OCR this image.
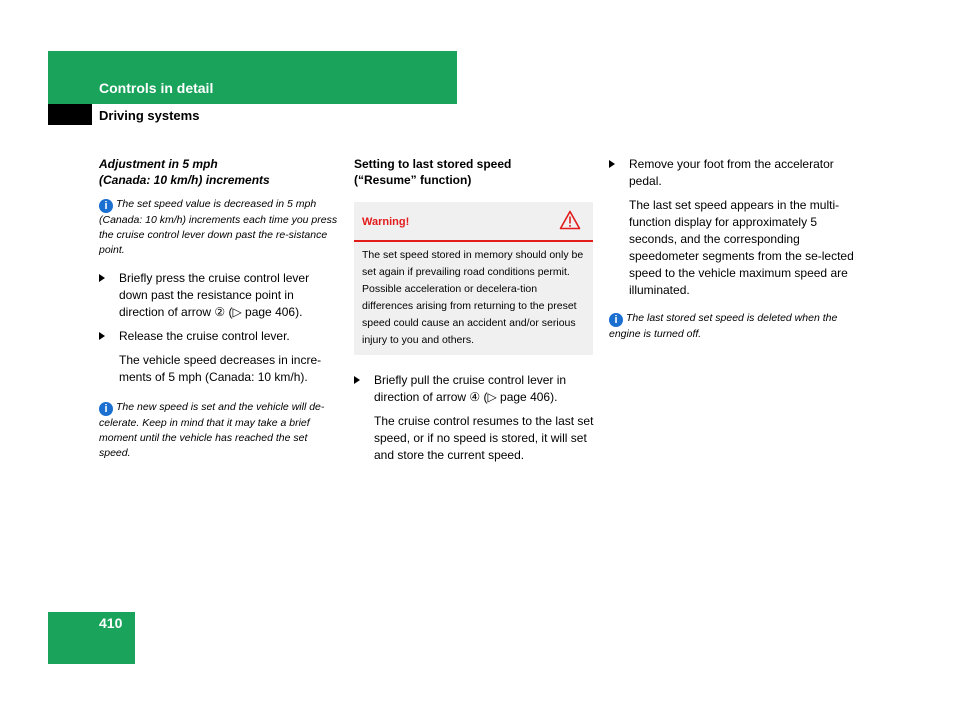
Controls in detail
Driving systems
Adjustment in 5 mph
(Canada: 10 km/h) increments
i The set speed value is decreased in 5 mph (Canada: 10 km/h) increments each time you press the cruise control lever down past the re-sistance point.
Briefly press the cruise control lever down past the resistance point in direction of arrow ② (▷ page 406).
Release the cruise control lever.
The vehicle speed decreases in incre-ments of 5 mph (Canada: 10 km/h).
i The new speed is set and the vehicle will de-celerate. Keep in mind that it may take a brief moment until the vehicle has reached the set speed.
Setting to last stored speed
(“Resume” function)
Warning!
The set speed stored in memory should only be set again if prevailing road conditions permit. Possible acceleration or decelera-tion differences arising from returning to the preset speed could cause an accident and/or serious injury to you and others.
Briefly pull the cruise control lever in direction of arrow ④ (▷ page 406).
The cruise control resumes to the last set speed, or if no speed is stored, it will set and store the current speed.
Remove your foot from the accelerator pedal.
The last set speed appears in the multi-function display for approximately 5 seconds, and the corresponding speedometer segments from the se-lected speed to the vehicle maximum speed are illuminated.
i The last stored set speed is deleted when the engine is turned off.
410
